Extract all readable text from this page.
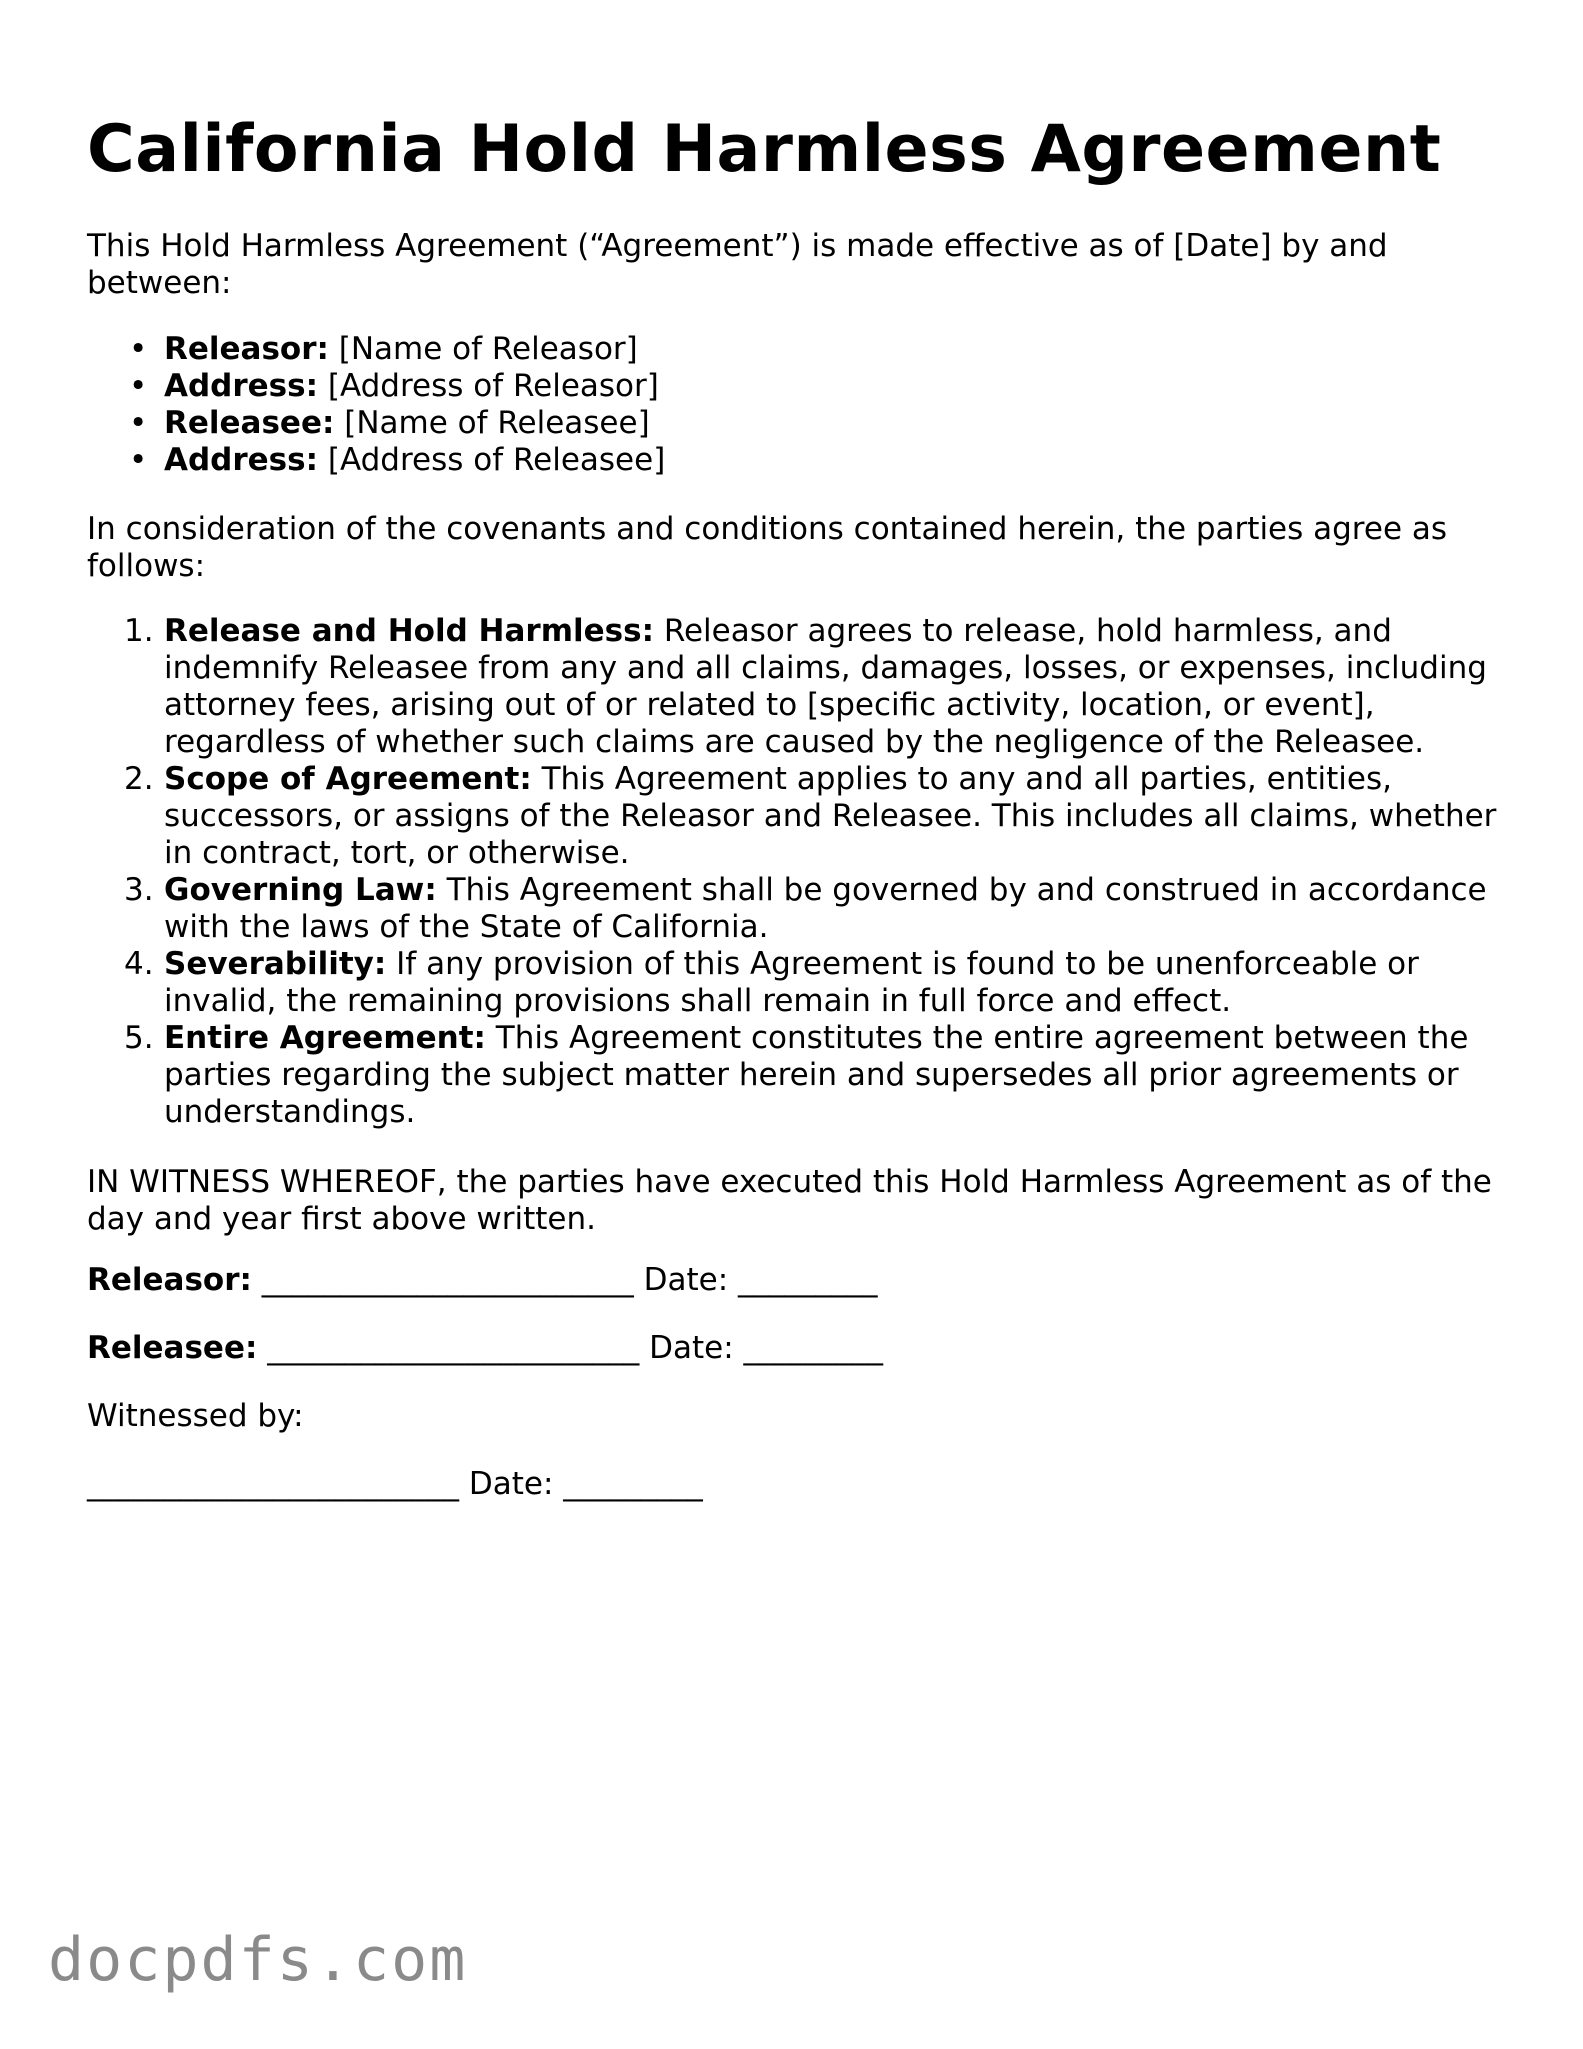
California Hold Harmless Agreement

This Hold Harmless Agreement (“Agreement”) is made effective as of [Date] by and between:

• Releasor: [Name of Releasor]
• Address: [Address of Releasor]
• Releasee: [Name of Releasee]
• Address: [Address of Releasee]

In consideration of the covenants and conditions contained herein, the parties agree as follows:

1. Release and Hold Harmless: Releasor agrees to release, hold harmless, and indemnify Releasee from any and all claims, damages, losses, or expenses, including attorney fees, arising out of or related to [specific activity, location, or event], regardless of whether such claims are caused by the negligence of the Releasee.
2. Scope of Agreement: This Agreement applies to any and all parties, entities, successors, or assigns of the Releasor and Releasee. This includes all claims, whether in contract, tort, or otherwise.
3. Governing Law: This Agreement shall be governed by and construed in accordance with the laws of the State of California.
4. Severability: If any provision of this Agreement is found to be unenforceable or invalid, the remaining provisions shall remain in full force and effect.
5. Entire Agreement: This Agreement constitutes the entire agreement between the parties regarding the subject matter herein and supersedes all prior agreements or understandings.

IN WITNESS WHEREOF, the parties have executed this Hold Harmless Agreement as of the day and year first above written.

Releasor: ________________________ Date: _________

Releasee: ________________________ Date: _________

Witnessed by:

________________________ Date: _________

docpdfs.com
